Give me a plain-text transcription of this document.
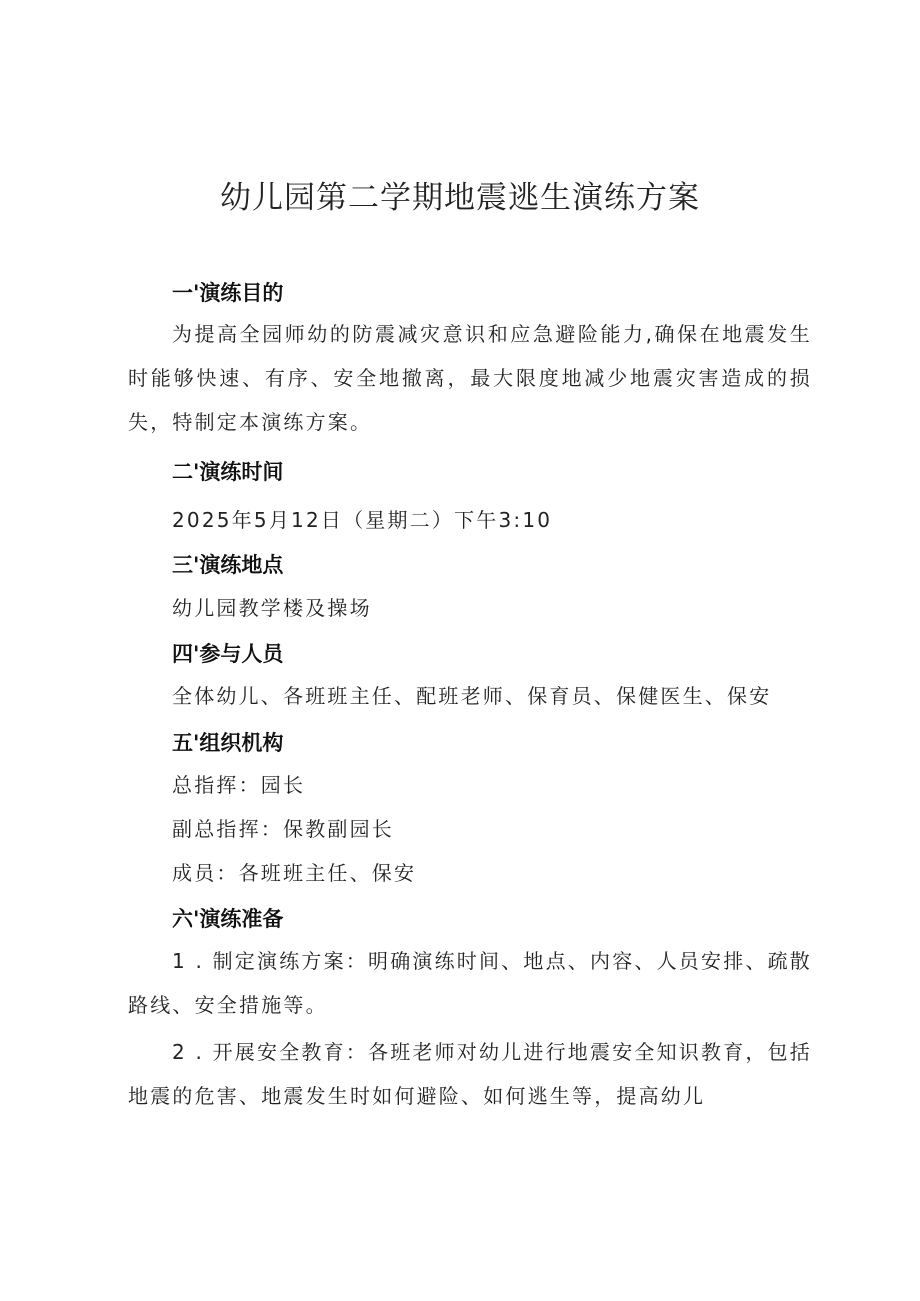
幼儿园第二学期地震逃生演练方案
一'演练目的
为提高全园师幼的防震减灾意识和应急避险能力,确保在地震发生时能够快速、有序、安全地撤离，最大限度地减少地震灾害造成的损失，特制定本演练方案。
二'演练时间
2025年5月12日（星期二）下午3:10
三'演练地点
幼儿园教学楼及操场
四'参与人员
全体幼儿、各班班主任、配班老师、保育员、保健医生、保安
五'组织机构
总指挥：园长
副总指挥：保教副园长
成员：各班班主任、保安
六'演练准备
1 . 制定演练方案：明确演练时间、地点、内容、人员安排、疏散路线、安全措施等。
2 . 开展安全教育：各班老师对幼儿进行地震安全知识教育，包括地震的危害、地震发生时如何避险、如何逃生等，提高幼儿
